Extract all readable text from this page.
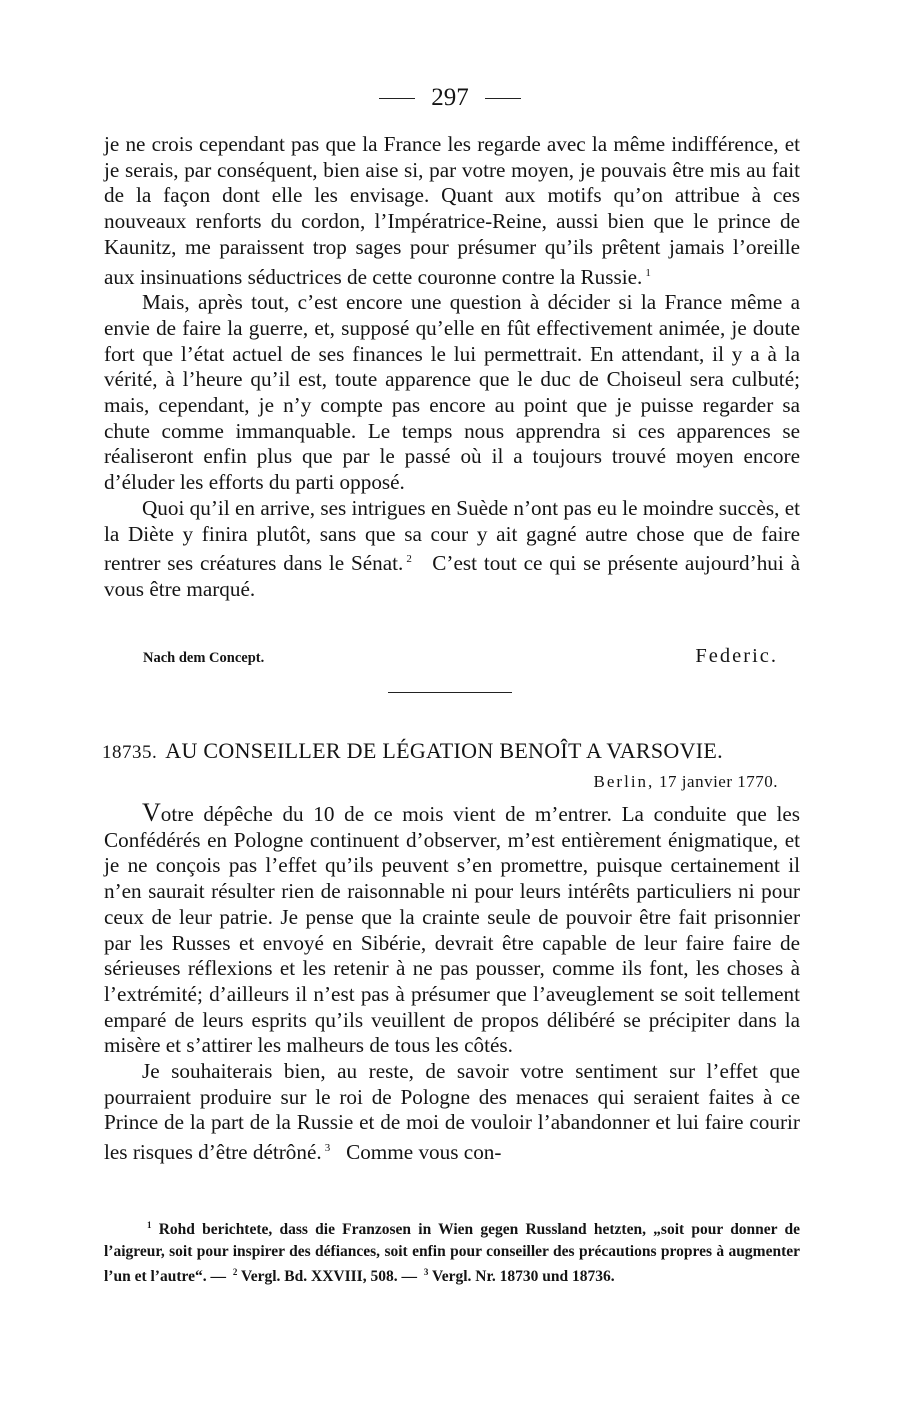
297

je ne crois cependant pas que la France les regarde avec la même indifférence, et je serais, par conséquent, bien aise si, par votre moyen, je pouvais être mis au fait de la façon dont elle les envisage. Quant aux motifs qu’on attribue à ces nouveaux renforts du cordon, l’Impératrice-Reine, aussi bien que le prince de Kaunitz, me paraissent trop sages pour présumer qu’ils prêtent jamais l’oreille aux insinuations séductrices de cette couronne contre la Russie. $^1$

Mais, après tout, c’est encore une question à décider si la France même a envie de faire la guerre, et, supposé qu’elle en fût effectivement animée, je doute fort que l’état actuel de ses finances le lui permettrait. En attendant, il y a à la vérité, à l’heure qu’il est, toute apparence que le duc de Choiseul sera culbuté; mais, cependant, je n’y compte pas encore au point que je puisse regarder sa chute comme immanquable. Le temps nous apprendra si ces apparences se réaliseront enfin plus que par le passé où il a toujours trouvé moyen encore d’éluder les efforts du parti opposé.

Quoi qu’il en arrive, ses intrigues en Suède n’ont pas eu le moindre succès, et la Diète y finira plutôt, sans que sa cour y ait gagné autre chose que de faire rentrer ses créatures dans le Sénat. $^2$ C’est tout ce qui se présente aujourd’hui à vous être marqué.

Nach dem Concept.	Federic.
18735. AU CONSEILLER DE LÉGATION BENOÎT A VARSOVIE.
Berlin, 17 janvier 1770.

Votre dépêche du 10 de ce mois vient de m’entrer. La conduite que les Confédérés en Pologne continuent d’observer, m’est entièrement énigmatique, et je ne conçois pas l’effet qu’ils peuvent s’en promettre, puisque certainement il n’en saurait résulter rien de raisonnable ni pour leurs intérêts particuliers ni pour ceux de leur patrie. Je pense que la crainte seule de pouvoir être fait prisonnier par les Russes et envoyé en Sibérie, devrait être capable de leur faire faire de sérieuses réflexions et les retenir à ne pas pousser, comme ils font, les choses à l’extrémité; d’ailleurs il n’est pas à présumer que l’aveuglement se soit tellement emparé de leurs esprits qu’ils veuillent de propos délibéré se précipiter dans la misère et s’attirer les malheurs de tous les côtés.

Je souhaiterais bien, au reste, de savoir votre sentiment sur l’effet que pourraient produire sur le roi de Pologne des menaces qui seraient faites à ce Prince de la part de la Russie et de moi de vouloir l’abandonner et lui faire courir les risques d’être détrôné. $^3$ Comme vous con-

$^1$ Rohd berichtete, dass die Franzosen in Wien gegen Russland hetzten, „soit pour donner de l’aigreur, soit pour inspirer des défiances, soit enfin pour conseiller des précautions propres à augmenter l’un et l’autre“. — $^2$ Vergl. Bd. XXVIII, 508. — $^3$ Vergl. Nr. 18730 und 18736.
